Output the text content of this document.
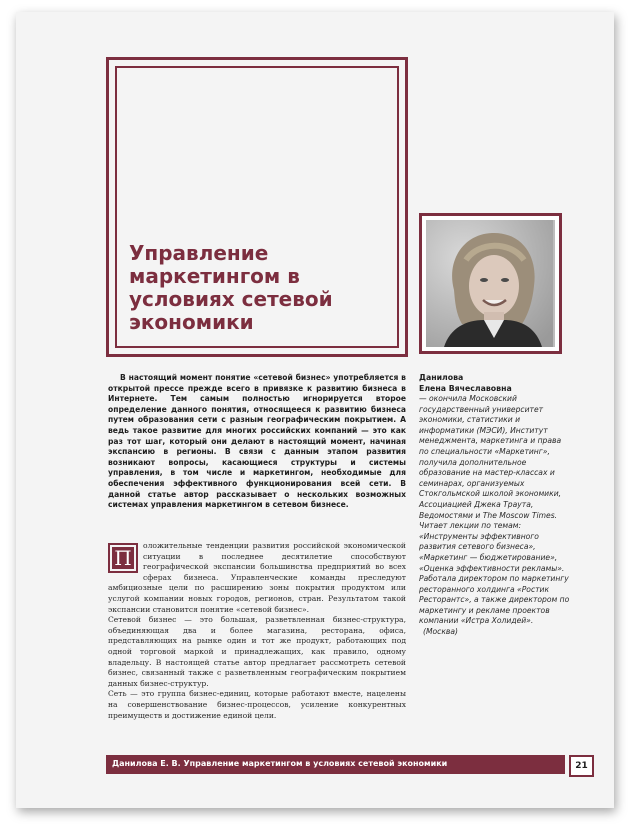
Управление маркетингом в условиях сетевой экономики
В настоящий момент понятие «сетевой бизнес» употребляется в открытой прессе прежде всего в привязке к развитию бизнеса в Интернете. Тем самым полностью игнорируется второе определение данного понятия, относящееся к развитию бизнеса путем образования сети с разным географическим покрытием. А ведь такое развитие для многих российских компаний — это как раз тот шаг, который они делают в настоящий момент, начиная экспансию в регионы. В связи с данным этапом развития возникают вопросы, касающиеся структуры и системы управления, в том числе и маркетингом, необходимые для обеспечения эффективного функционирования всей сети. В данной статье автор рассказывает о нескольких возможных системах управления маркетингом в сетевом бизнесе.
П

оложительные тенденции развития российской экономической ситуации в последнее десятилетие способствуют географической экспансии большинства предприятий во всех сферах бизнеса. Управленческие команды преследуют амбициозные цели по расширению зоны покрытия продуктом или услугой компании новых городов, регионов, стран. Результатом такой экспансии становится понятие «сетевой бизнес».

Сетевой бизнес — это большая, разветвленная бизнес-структура, объединяющая два и более магазина, ресторана, офиса, представляющих на рынке один и тот же продукт, работающих под одной торговой маркой и принадлежащих, как правило, одному владельцу. В настоящей статье автор предлагает рассмотреть сетевой бизнес, связанный также с разветвленным географическим покрытием данных бизнес-структур.

Сеть — это группа бизнес-единиц, которые работают вместе, нацелены на совершенствование бизнес-процессов, усиление конкурентных преимуществ и достижение единой цели.

Данилова
Елена Вячеславовна
— окончила Московский государственный университет экономики, статистики и информатики (МЭСИ), Институт менеджмента, маркетинга и права по специальности «Маркетинг», получила дополнительное образование на мастер-классах и семинарах, организуемых Стокгольмской школой экономики, Ассоциацией Джека Траута, Ведомостями и The Moscow Times. Читает лекции по темам: «Инструменты эффективного развития сетевого бизнеса», «Маркетинг — бюджетирование», «Оценка эффективности рекламы». Работала директором по маркетингу ресторанного холдинга «Ростик Ресторантс», а также директором по маркетингу и рекламе проектов компании «Истра Холидей».
(Москва)
Данилова Е. В. Управление маркетингом в условиях сетевой экономики	21
